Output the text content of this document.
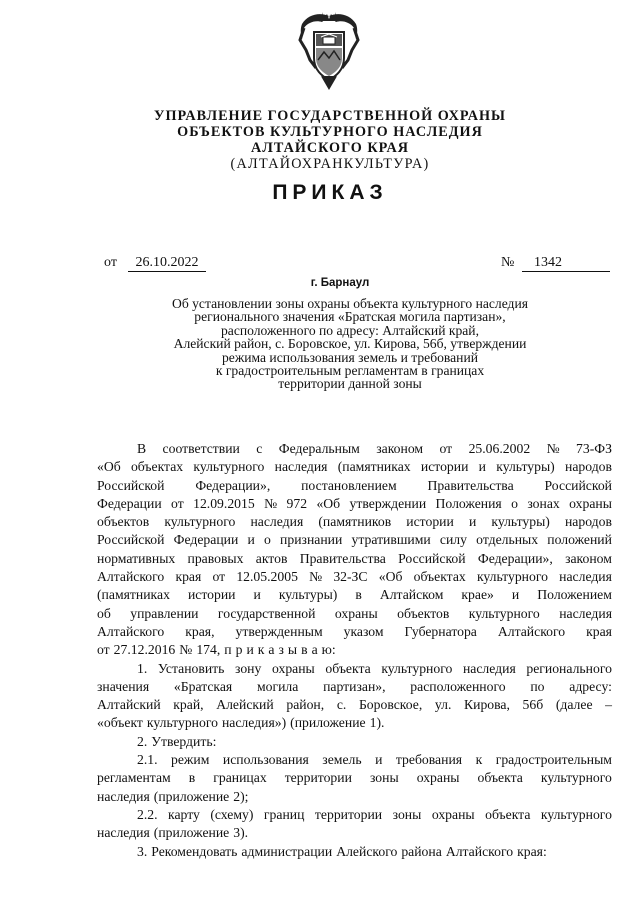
УПРАВЛЕНИЕ ГОСУДАРСТВЕННОЙ ОХРАНЫ
ОБЪЕКТОВ КУЛЬТУРНОГО НАСЛЕДИЯ
АЛТАЙСКОГО КРАЯ
(АЛТАЙОХРАНКУЛЬТУРА)
ПРИКАЗ
от	26.10.2022	№	1342
г. Барнаул
Об установлении зоны охраны объекта культурного наследия
регионального значения «Братская могила партизан»,
расположенного по адресу: Алтайский край,
Алейский район, с. Боровское, ул. Кирова, 56б, утверждении
режима использования земель и требований
к градостроительным регламентам в границах
территории данной зоны
В соответствии с Федеральным законом от 25.06.2002 № 73-ФЗ
«Об объектах культурного наследия (памятниках истории и культуры) народов
Российской Федерации», постановлением Правительства Российской
Федерации от 12.09.2015 № 972 «Об утверждении Положения о зонах охраны
объектов культурного наследия (памятников истории и культуры) народов
Российской Федерации и о признании утратившими силу отдельных положений
нормативных правовых актов Правительства Российской Федерации», законом
Алтайского края от 12.05.2005 № 32-ЗС «Об объектах культурного наследия
(памятниках истории и культуры) в Алтайском крае» и Положением
об управлении государственной охраны объектов культурного наследия
Алтайского края, утвержденным указом Губернатора Алтайского края
от 27.12.2016 № 174, п р и к а з ы в а ю:
1. Установить зону охраны объекта культурного наследия регионального
значения «Братская могила партизан», расположенного по адресу:
Алтайский край, Алейский район, с. Боровское, ул. Кирова, 56б (далее –
«объект культурного наследия») (приложение 1).
2. Утвердить:
2.1. режим использования земель и требования к градостроительным
регламентам в границах территории зоны охраны объекта культурного
наследия (приложение 2);
2.2. карту (схему) границ территории зоны охраны объекта культурного
наследия (приложение 3).
3. Рекомендовать администрации Алейского района Алтайского края:
